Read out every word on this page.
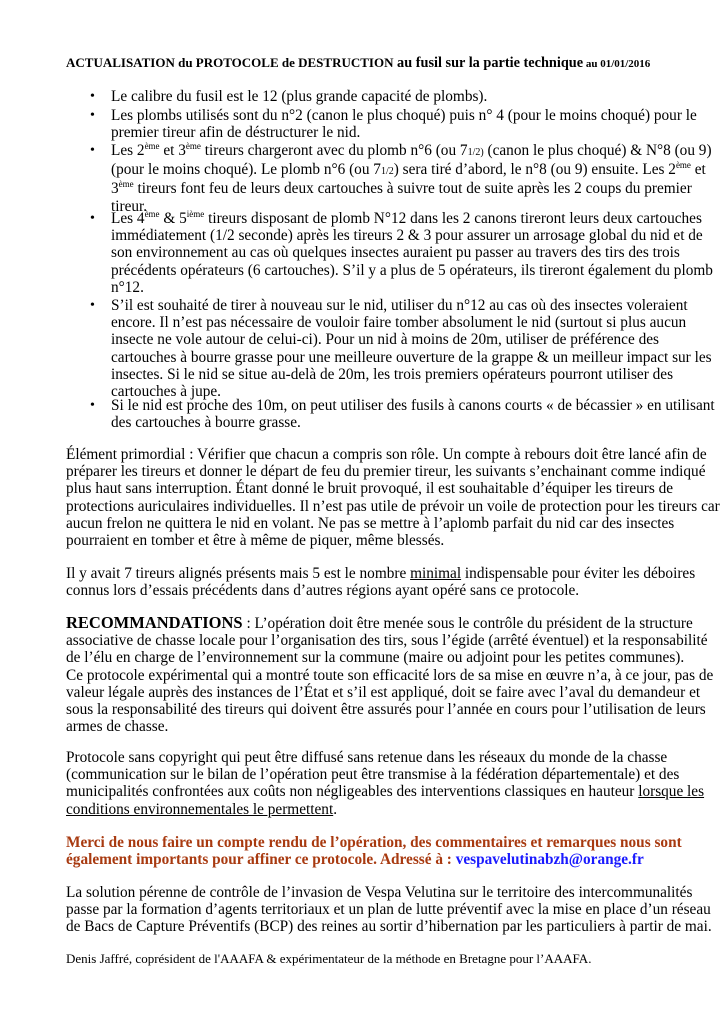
ACTUALISATION du PROTOCOLE de DESTRUCTION au fusil sur la partie technique au 01/01/2016
• Le calibre du fusil est le 12 (plus grande capacité de plombs).
• Les plombs utilisés sont du n°2 (canon le plus choqué) puis n° 4 (pour le moins choqué) pour le
premier tireur afin de déstructurer le nid.
• Les 2ème et 3ème tireurs chargeront avec du plomb n°6 (ou 71/2) (canon le plus choqué) & N°8 (ou 9)
(pour le moins choqué). Le plomb n°6 (ou 71/2) sera tiré d’abord, le n°8 (ou 9) ensuite. Les 2ème et
3ème tireurs font feu de leurs deux cartouches à suivre tout de suite après les 2 coups du premier
tireur.
• Les 4ème & 5ième tireurs disposant de plomb N°12 dans les 2 canons tireront leurs deux cartouches
immédiatement (1/2 seconde) après les tireurs 2 & 3 pour assurer un arrosage global du nid et de
son environnement au cas où quelques insectes auraient pu passer au travers des tirs des trois
précédents opérateurs (6 cartouches). S’il y a plus de 5 opérateurs, ils tireront également du plomb
n°12.
• S’il est souhaité de tirer à nouveau sur le nid, utiliser du n°12 au cas où des insectes voleraient
encore. Il n’est pas nécessaire de vouloir faire tomber absolument le nid (surtout si plus aucun
insecte ne vole autour de celui-ci). Pour un nid à moins de 20m, utiliser de préférence des
cartouches à bourre grasse pour une meilleure ouverture de la grappe & un meilleur impact sur les
insectes. Si le nid se situe au-delà de 20m, les trois premiers opérateurs pourront utiliser des
cartouches à jupe.
• Si le nid est proche des 10m, on peut utiliser des fusils à canons courts « de bécassier » en utilisant
des cartouches à bourre grasse.
Élément primordial : Vérifier que chacun a compris son rôle. Un compte à rebours doit être lancé afin de
préparer les tireurs et donner le départ de feu du premier tireur, les suivants s’enchainant comme indiqué
plus haut sans interruption. Étant donné le bruit provoqué, il est souhaitable d’équiper les tireurs de
protections auriculaires individuelles. Il n’est pas utile de prévoir un voile de protection pour les tireurs car
aucun frelon ne quittera le nid en volant. Ne pas se mettre à l’aplomb parfait du nid car des insectes
pourraient en tomber et être à même de piquer, même blessés.
Il y avait 7 tireurs alignés présents mais 5 est le nombre minimal indispensable pour éviter les déboires
connus lors d’essais précédents dans d’autres régions ayant opéré sans ce protocole.
RECOMMANDATIONS : L’opération doit être menée sous le contrôle du président de la structure
associative de chasse locale pour l’organisation des tirs, sous l’égide (arrêté éventuel) et la responsabilité
de l’élu en charge de l’environnement sur la commune (maire ou adjoint pour les petites communes).
Ce protocole expérimental qui a montré toute son efficacité lors de sa mise en œuvre n’a, à ce jour, pas de
valeur légale auprès des instances de l’État et s’il est appliqué, doit se faire avec l’aval du demandeur et
sous la responsabilité des tireurs qui doivent être assurés pour l’année en cours pour l’utilisation de leurs
armes de chasse.
Protocole sans copyright qui peut être diffusé sans retenue dans les réseaux du monde de la chasse
(communication sur le bilan de l’opération peut être transmise à la fédération départementale) et des
municipalités confrontées aux coûts non négligeables des interventions classiques en hauteur lorsque les
conditions environnementales le permettent.
Merci de nous faire un compte rendu de l’opération, des commentaires et remarques nous sont
également importants pour affiner ce protocole. Adressé à : vespavelutinabzh@orange.fr
La solution pérenne de contrôle de l’invasion de Vespa Velutina sur le territoire des intercommunalités
passe par la formation d’agents territoriaux et un plan de lutte préventif avec la mise en place d’un réseau
de Bacs de Capture Préventifs (BCP) des reines au sortir d’hibernation par les particuliers à partir de mai.
Denis Jaffré, coprésident de l'AAAFA & expérimentateur de la méthode en Bretagne pour l’AAAFA.
